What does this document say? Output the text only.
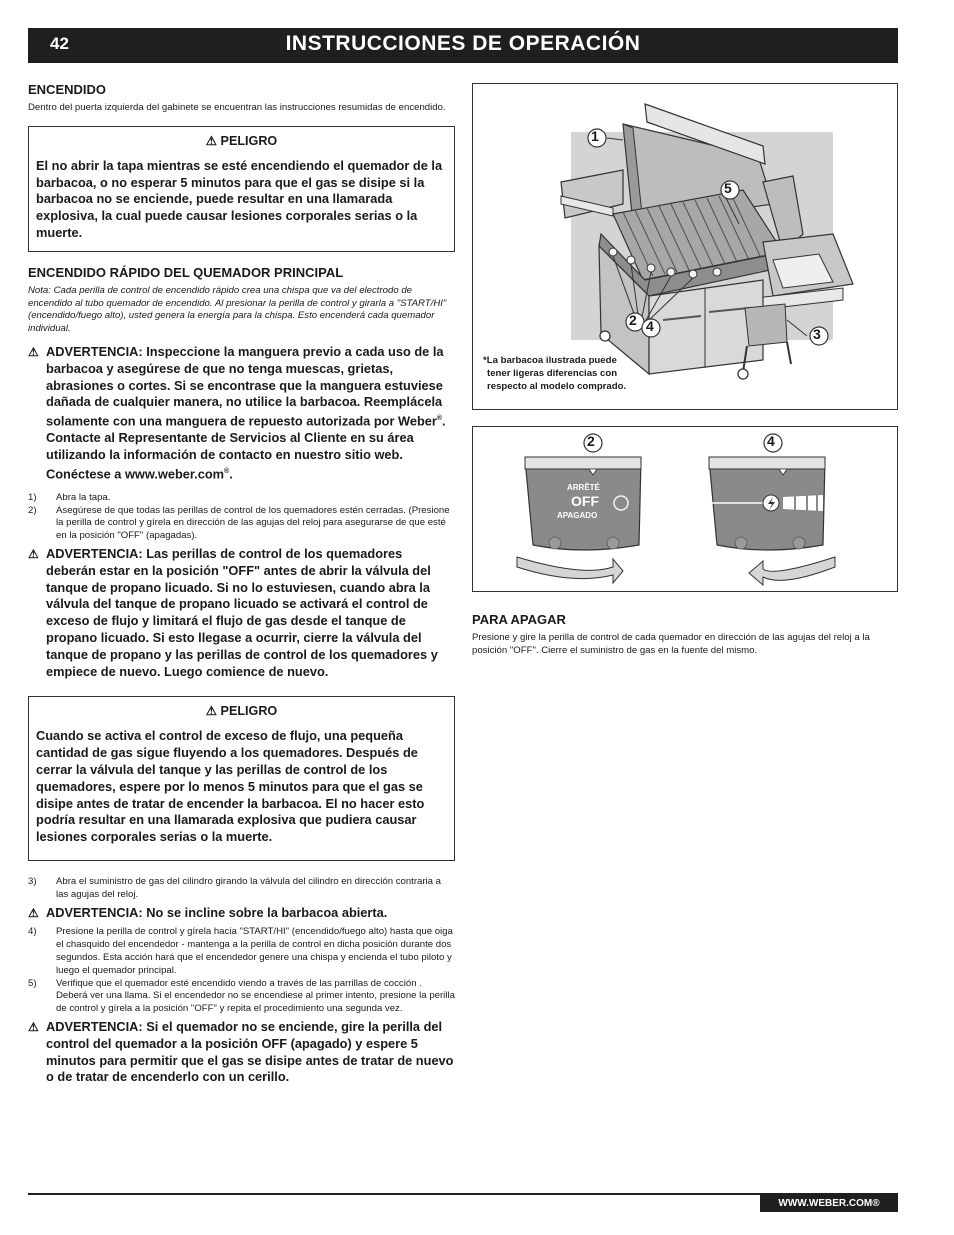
42	INSTRUCCIONES DE OPERACIÓN
ENCENDIDO
Dentro del puerta izquierda del gabinete se encuentran las instrucciones resumidas de encendido.
⚠ PELIGRO
El no abrir la tapa mientras se esté encendiendo el quemador de la barbacoa, o no esperar 5 minutos para que el gas se disipe si la barbacoa no se enciende, puede resultar en una llamarada explosiva, la cual puede causar lesiones corporales serias o la muerte.
ENCENDIDO RÁPIDO DEL QUEMADOR PRINCIPAL
Nota: Cada perilla de control de encendido rápido crea una chispa que va del electrodo de encendido al tubo quemador de encendido. Al presionar la perilla de control y girarla a "START/HI" (encendido/fuego alto), usted genera la energía para la chispa. Esto encenderá cada quemador individual.
⚠ ADVERTENCIA: Inspeccione la manguera previo a cada uso de la barbacoa y asegúrese de que no tenga muescas, grietas, abrasiones o cortes. Si se encontrase que la manguera estuviese dañada de cualquier manera, no utilice la barbacoa. Reemplácela solamente con una manguera de repuesto autorizada por Weber®. Contacte al Representante de Servicios al Cliente en su área utilizando la información de contacto en nuestro sitio web.
Conéctese a www.weber.com®.
1)	Abra la tapa.
2)	Asegúrese de que todas las perillas de control de los quemadores estén cerradas. (Presione la perilla de control y gírela en dirección de las agujas del reloj para asegurarse de que esté en la posición "OFF" (apagadas).
⚠ ADVERTENCIA: Las perillas de control de los quemadores deberán estar en la posición "OFF" antes de abrir la válvula del tanque de propano licuado. Si no lo estuviesen, cuando abra la válvula del tanque de propano licuado se activará el control de exceso de flujo y limitará el flujo de gas desde el tanque de propano licuado. Si esto llegase a ocurrir, cierre la válvula del tanque de propano y las perillas de control de los quemadores y empiece de nuevo. Luego comience de nuevo.
⚠ PELIGRO
Cuando se activa el control de exceso de flujo, una pequeña cantidad de gas sigue fluyendo a los quemadores. Después de cerrar la válvula del tanque y las perillas de control de los quemadores, espere por lo menos 5 minutos para que el gas se disipe antes de tratar de encender la barbacoa. El no hacer esto podría resultar en una llamarada explosiva que pudiera causar lesiones corporales serias o la muerte.
3)	Abra el suministro de gas del cilindro girando la válvula del cilindro en dirección contraria a las agujas del reloj.
⚠ ADVERTENCIA: No se incline sobre la barbacoa abierta.
4)	Presione la perilla de control y gírela hacia "START/HI" (encendido/fuego alto) hasta que oiga el chasquido del encendedor - mantenga a la perilla de control en dicha posición durante dos segundos. Esta acción hará que el encendedor genere una chispa y encienda el tubo piloto y luego el quemador principal.
5)	Verifique que el quemador esté encendido viendo a través de las parrillas de cocción . Deberá ver una llama. Si el encendedor no se encendiese al primer intento, presione la perilla de control y gírela a la posición "OFF" y repita el procedimiento una segunda vez.
⚠ ADVERTENCIA: Si el quemador no se enciende, gire la perilla del control del quemador a la posición OFF (apagado) y espere 5 minutos para permitir que el gas se disipe antes de tratar de nuevo o de tratar de encenderlo con un cerillo.
1
5
2 4	3
*La barbacoa ilustrada puede
tener ligeras diferencias con
respecto al modelo comprado.
2	4
ARRÊTÉ
OFF
APAGADO
PARA APAGAR
Presione y gire la perilla de control de cada quemador en dirección de las agujas del reloj a la posición "OFF". Cierre el suministro de gas en la fuente del mismo.
WWW.WEBER.COM®
